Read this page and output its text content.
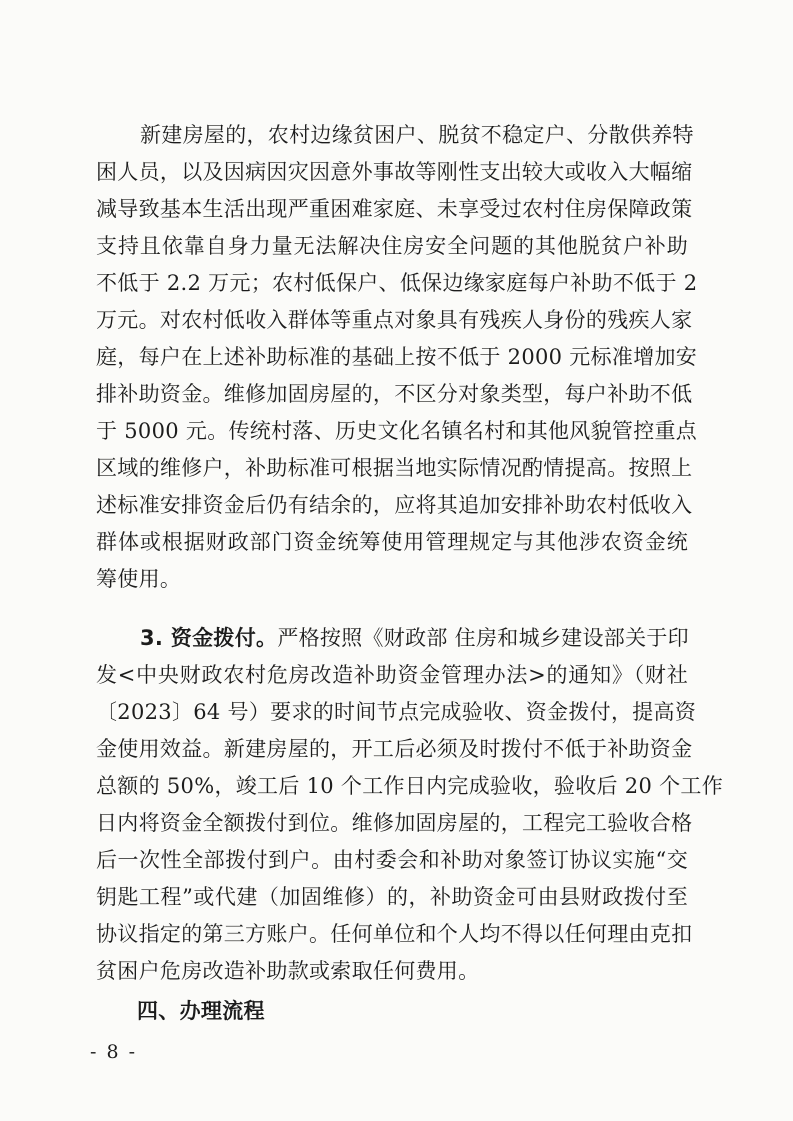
新建房屋的，农村边缘贫困户、脱贫不稳定户、分散供养特
困人员，以及因病因灾因意外事故等刚性支出较大或收入大幅缩
减导致基本生活出现严重困难家庭、未享受过农村住房保障政策
支持且依靠自身力量无法解决住房安全问题的其他脱贫户补助
不低于 2.2 万元；农村低保户、低保边缘家庭每户补助不低于 2
万元。对农村低收入群体等重点对象具有残疾人身份的残疾人家
庭，每户在上述补助标准的基础上按不低于 2000 元标准增加安
排补助资金。维修加固房屋的，不区分对象类型，每户补助不低
于 5000 元。传统村落、历史文化名镇名村和其他风貌管控重点
区域的维修户，补助标准可根据当地实际情况酌情提高。按照上
述标准安排资金后仍有结余的，应将其追加安排补助农村低收入
群体或根据财政部门资金统筹使用管理规定与其他涉农资金统
筹使用。
3. 资金拨付。严格按照《财政部 住房和城乡建设部关于印
发<中央财政农村危房改造补助资金管理办法>的通知》（财社
〔2023〕64 号）要求的时间节点完成验收、资金拨付，提高资
金使用效益。新建房屋的，开工后必须及时拨付不低于补助资金
总额的 50%，竣工后 10 个工作日内完成验收，验收后 20 个工作
日内将资金全额拨付到位。维修加固房屋的，工程完工验收合格
后一次性全部拨付到户。由村委会和补助对象签订协议实施“交
钥匙工程”或代建（加固维修）的，补助资金可由县财政拨付至
协议指定的第三方账户。任何单位和个人均不得以任何理由克扣
贫困户危房改造补助款或索取任何费用。
四、办理流程
- 8 -
